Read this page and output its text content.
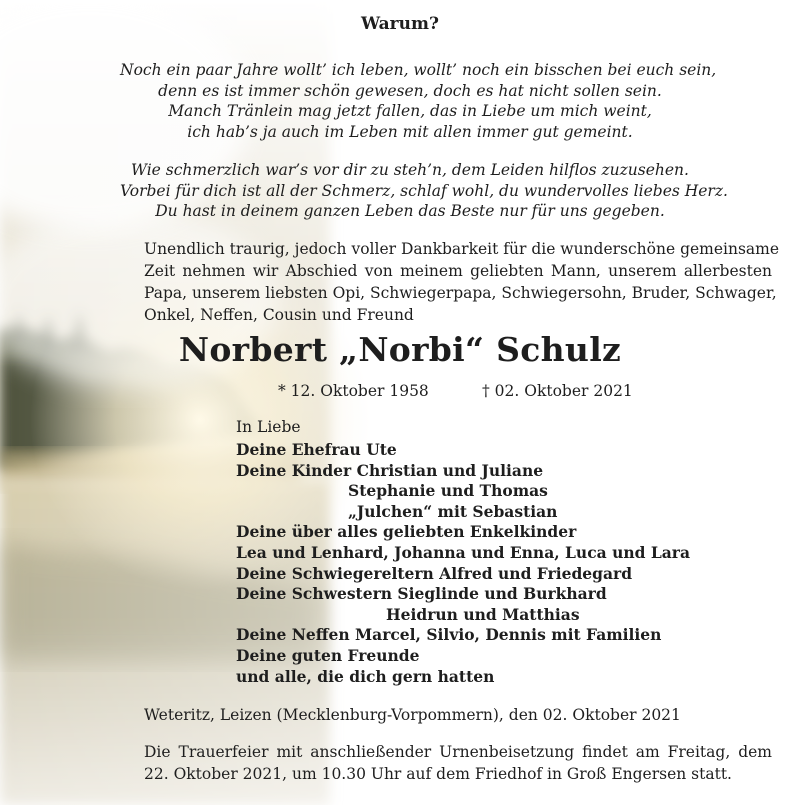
Warum?
Noch ein paar Jahre wollt’ ich leben, wollt’ noch ein bisschen bei euch sein,
denn es ist immer schön gewesen, doch es hat nicht sollen sein.
Manch Tränlein mag jetzt fallen, das in Liebe um mich weint,
ich hab’s ja auch im Leben mit allen immer gut gemeint.
Wie schmerzlich war’s vor dir zu steh’n, dem Leiden hilflos zuzusehen.
Vorbei für dich ist all der Schmerz, schlaf wohl, du wundervolles liebes Herz.
Du hast in deinem ganzen Leben das Beste nur für uns gegeben.
Unendlich traurig, jedoch voller Dankbarkeit für die wunderschöne gemeinsame
Zeit nehmen wir Abschied von meinem geliebten Mann, unserem allerbesten
Papa, unserem liebsten Opi, Schwiegerpapa, Schwiegersohn, Bruder, Schwager,
Onkel, Neffen, Cousin und Freund
Norbert „Norbi“ Schulz
* 12. Oktober 1958	† 02. Oktober 2021
In Liebe
Deine Ehefrau Ute
Deine Kinder Christian und Juliane
Stephanie und Thomas
„Julchen“ mit Sebastian
Deine über alles geliebten Enkelkinder
Lea und Lenhard, Johanna und Enna, Luca und Lara
Deine Schwiegereltern Alfred und Friedegard
Deine Schwestern Sieglinde und Burkhard
Heidrun und Matthias
Deine Neffen Marcel, Silvio, Dennis mit Familien
Deine guten Freunde
und alle, die dich gern hatten
Weteritz, Leizen (Mecklenburg-Vorpommern), den 02. Oktober 2021
Die Trauerfeier mit anschließender Urnenbeisetzung findet am Freitag, dem
22. Oktober 2021, um 10.30 Uhr auf dem Friedhof in Groß Engersen statt.
